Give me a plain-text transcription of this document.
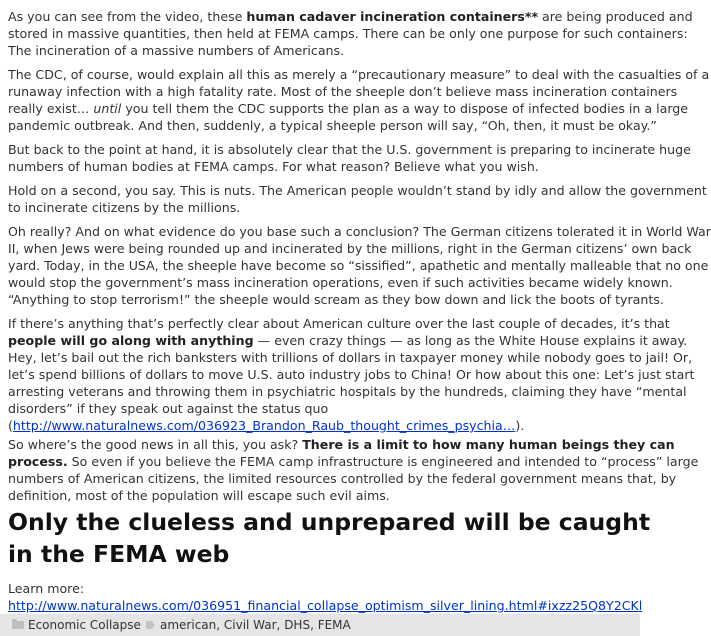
As you can see from the video, these human cadaver incineration containers** are being produced and
stored in massive quantities, then held at FEMA camps. There can be only one purpose for such containers:
The incineration of a massive numbers of Americans.
The CDC, of course, would explain all this as merely a “precautionary measure” to deal with the casualties of a
runaway infection with a high fatality rate. Most of the sheeple don’t believe mass incineration containers
really exist… until you tell them the CDC supports the plan as a way to dispose of infected bodies in a large
pandemic outbreak. And then, suddenly, a typical sheeple person will say, “Oh, then, it must be okay.”
But back to the point at hand, it is absolutely clear that the U.S. government is preparing to incinerate huge
numbers of human bodies at FEMA camps. For what reason? Believe what you wish.
Hold on a second, you say. This is nuts. The American people wouldn’t stand by idly and allow the government
to incinerate citizens by the millions.
Oh really? And on what evidence do you base such a conclusion? The German citizens tolerated it in World War
II, when Jews were being rounded up and incinerated by the millions, right in the German citizens’ own back
yard. Today, in the USA, the sheeple have become so “sissified”, apathetic and mentally malleable that no one
would stop the government’s mass incineration operations, even if such activities became widely known.
“Anything to stop terrorism!” the sheeple would scream as they bow down and lick the boots of tyrants.
If there’s anything that’s perfectly clear about American culture over the last couple of decades, it’s that
people will go along with anything — even crazy things — as long as the White House explains it away.
Hey, let’s bail out the rich banksters with trillions of dollars in taxpayer money while nobody goes to jail! Or,
let’s spend billions of dollars to move U.S. auto industry jobs to China! Or how about this one: Let’s just start
arresting veterans and throwing them in psychiatric hospitals by the hundreds, claiming they have “mental
disorders” if they speak out against the status quo
(http://www.naturalnews.com/036923_Brandon_Raub_thought_crimes_psychia…).
So where’s the good news in all this, you ask? There is a limit to how many human beings they can
process. So even if you believe the FEMA camp infrastructure is engineered and intended to “process” large
numbers of American citizens, the limited resources controlled by the federal government means that, by
definition, most of the population will escape such evil aims.
Only the clueless and unprepared will be caught
in the FEMA web
Learn more:
http://www.naturalnews.com/036951_financial_collapse_optimism_silver_lining.html#ixzz25Q8Y2CKl
Economic Collapse american, Civil War, DHS, FEMA
